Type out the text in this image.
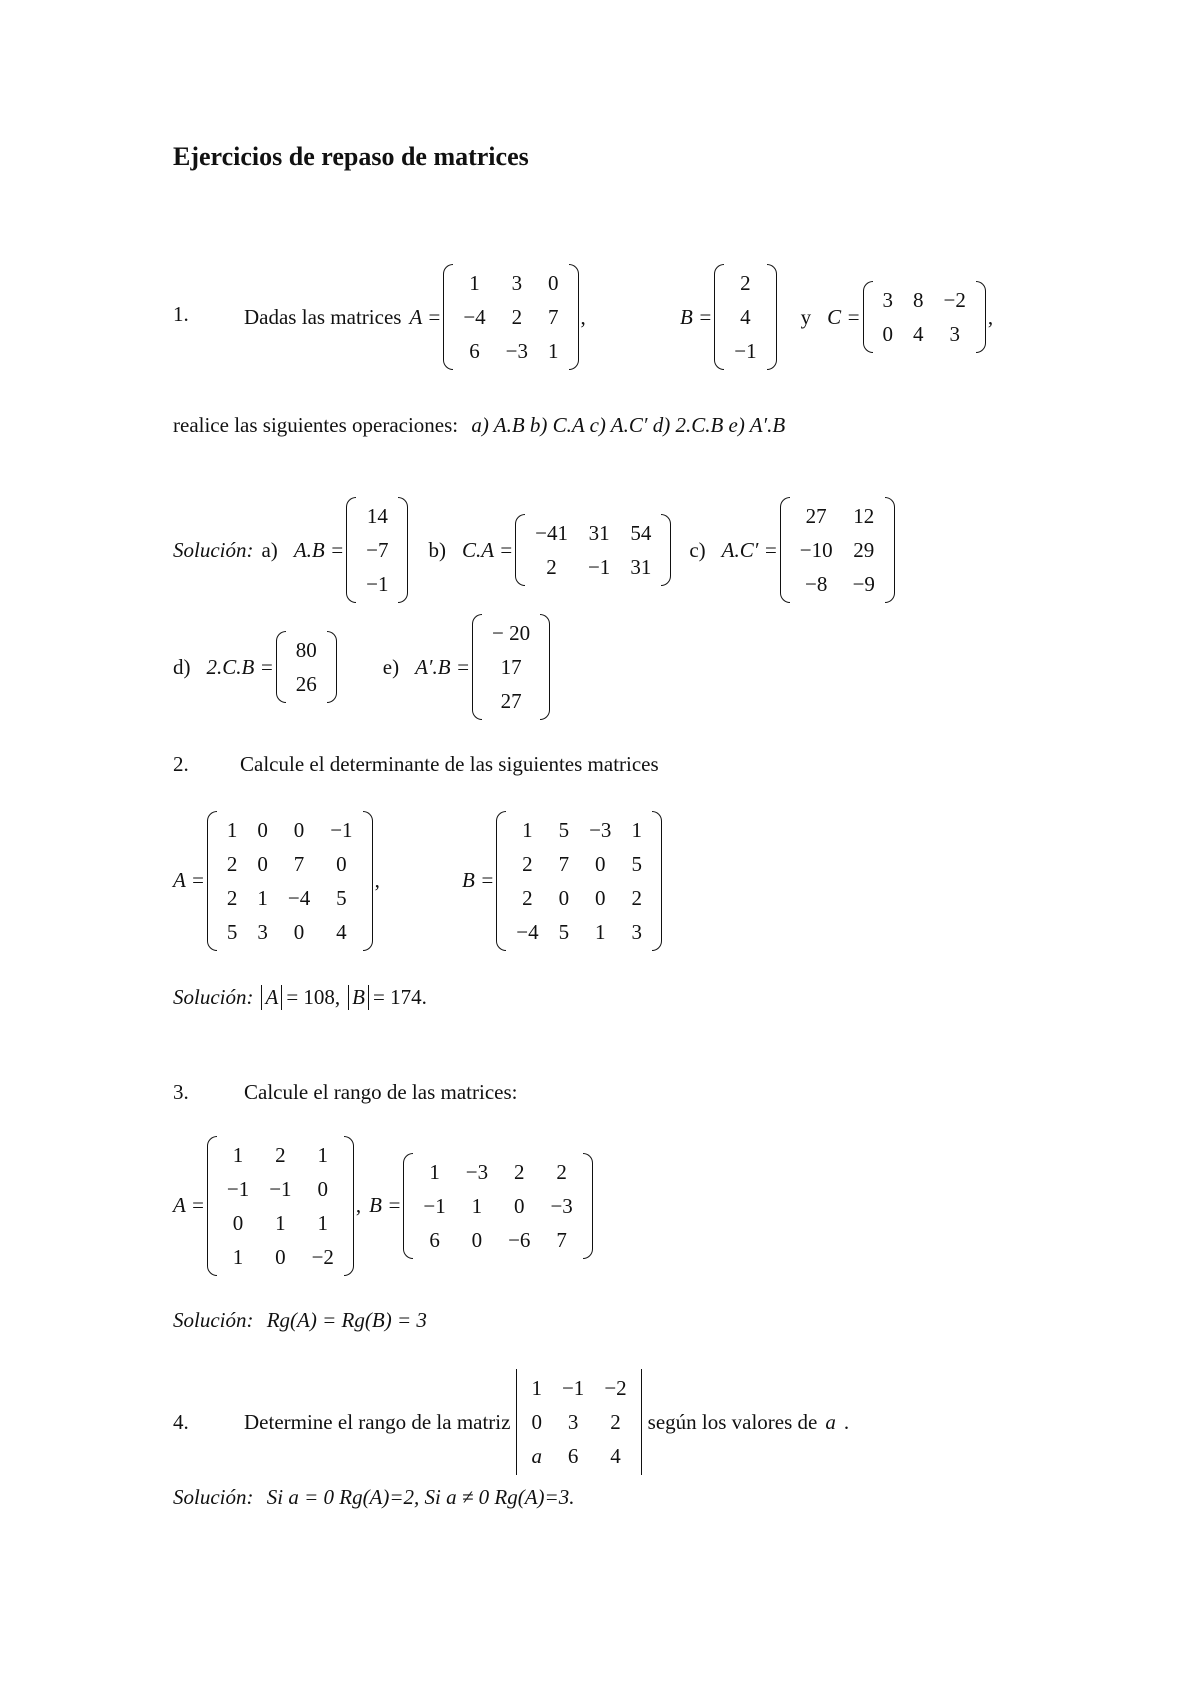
Ejercicios de repaso de matrices
1.	Dadas las matrices A =
1	3	0
−4	2	7
6	−3	1
,	B =
2
4
−1
y C =
3	8	−2
0	4	3
,
realice las siguientes operaciones: a) A.B b) C.A c) A.C′ d) 2.C.B e) A′.B
Solución: a) A.B =
14
−7
−1
b) C.A =
−41	31	54
2	−1	31
c) A.C′ =
27	12
−10	29
−8	−9
d) 2.C.B =
80
26
e) A′.B =
− 20
17
27
2. Calcule el determinante de las siguientes matrices
A =
1	0	0	−1
2	0	7	0
2	1	−4	5
5	3	0	4
,	B =
1	5	−3	1
2	7	0	5
2	0	0	2
−4	5	1	3
Solución: A = 108, B = 174.
3.	Calcule el rango de las matrices:
A =
1	2	1
−1	−1	0
0	1	1
1	0	−2
, B =
1	−3	2	2
−1	1	0	−3
6	0	−6	7
Solución: Rg(A) = Rg(B) = 3
4.	Determine el rango de la matriz
1	−1	−2
0	3	2
a	6	4
según los valores de a .
Solución: Si a = 0 Rg(A)=2, Si a ≠ 0 Rg(A)=3.
